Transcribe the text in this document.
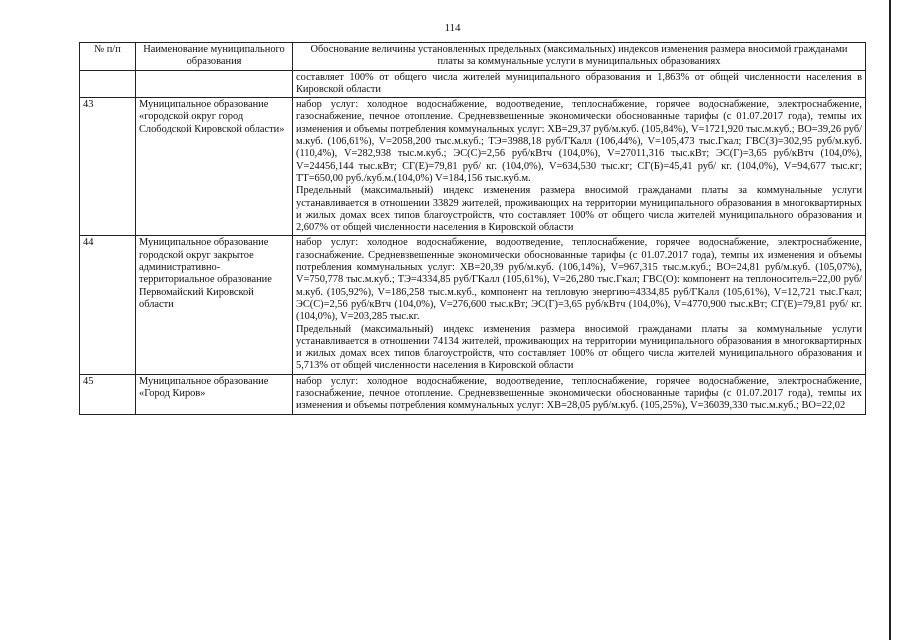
114
№ п/п	Наименование муниципального образования	Обоснование величины установленных предельных (максимальных) индексов изменения размера вносимой гражданами платы за коммунальные услуги в муниципальных образованиях

		составляет 100% от общего числа жителей муниципального образования и 1,863% от общей численности населения в Кировской области

43	Муниципальное образование «городской округ город Слободской Кировской области»	набор услуг: холодное водоснабжение, водоотведение, теплоснабжение, горячее водоснабжение, электроснабжение, газоснабжение, печное отопление. Средневзвешенные экономически обоснованные тарифы (с 01.07.2017 года), темпы их изменения и объемы потребления коммунальных услуг: ХВ=29,37 руб/м.куб. (105,84%), V=1721,920 тыс.м.куб.; ВО=39,26 руб/м.куб. (106,61%), V=2058,200 тыс.м.куб.; ТЭ=3988,18 руб/ГКалл (106,44%), V=105,473 тыс.Гкал; ГВС(З)=302,95 руб/м.куб. (110,4%), V=282,938 тыс.м.куб.; ЭС(С)=2,56 руб/кВтч (104,0%), V=27011,316 тыс.кВт; ЭС(Г)=3,65 руб/кВтч (104,0%), V=24456,144 тыс.кВт; СГ(Е)=79,81 руб/ кг. (104,0%), V=634,530 тыс.кг; СГ(Б)=45,41 руб/ кг. (104,0%), V=94,677 тыс.кг; ТТ=650,00 руб./куб.м.(104,0%) V=184,156 тыс.куб.м.
Предельный (максимальный) индекс изменения размера вносимой гражданами платы за коммунальные услуги устанавливается в отношении 33829 жителей, проживающих на территории муниципального образования в многоквартирных и жилых домах всех типов благоустройств, что составляет 100% от общего числа жителей муниципального образования и 2,607% от общей численности населения в Кировской области

44	Муниципальное образование городской округ закрытое административно-территориальное образование Первомайский Кировской области	набор услуг: холодное водоснабжение, водоотведение, теплоснабжение, горячее водоснабжение, электроснабжение, газоснабжение. Средневзвешенные экономически обоснованные тарифы (с 01.07.2017 года), темпы их изменения и объемы потребления коммунальных услуг: ХВ=20,39 руб/м.куб. (106,14%), V=967,315 тыс.м.куб.; ВО=24,81 руб/м.куб. (105,07%), V=750,778 тыс.м.куб.; ТЭ=4334,85 руб/ГКалл (105,61%), V=26,280 тыс.Гкал; ГВС(О): компонент на теплоноситель=22,00 руб/м.куб. (105,92%), V=186,258 тыс.м.куб., компонент на тепловую энергию=4334,85 руб/ГКалл (105,61%), V=12,721 тыс.Гкал; ЭС(С)=2,56 руб/кВтч (104,0%), V=276,600 тыс.кВт; ЭС(Г)=3,65 руб/кВтч (104,0%), V=4770,900 тыс.кВт; СГ(Е)=79,81 руб/ кг. (104,0%), V=203,285 тыс.кг.
Предельный (максимальный) индекс изменения размера вносимой гражданами платы за коммунальные услуги устанавливается в отношении 74134 жителей, проживающих на территории муниципального образования в многоквартирных и жилых домах всех типов благоустройств, что составляет 100% от общего числа жителей муниципального образования и 5,713% от общей численности населения в Кировской области

45	Муниципальное образование «Город Киров»	набор услуг: холодное водоснабжение, водоотведение, теплоснабжение, горячее водоснабжение, электроснабжение, газоснабжение, печное отопление. Средневзвешенные экономически обоснованные тарифы (с 01.07.2017 года), темпы их изменения и объемы потребления коммунальных услуг: ХВ=28,05 руб/м.куб. (105,25%), V=36039,330 тыс.м.куб.; ВО=22,02
